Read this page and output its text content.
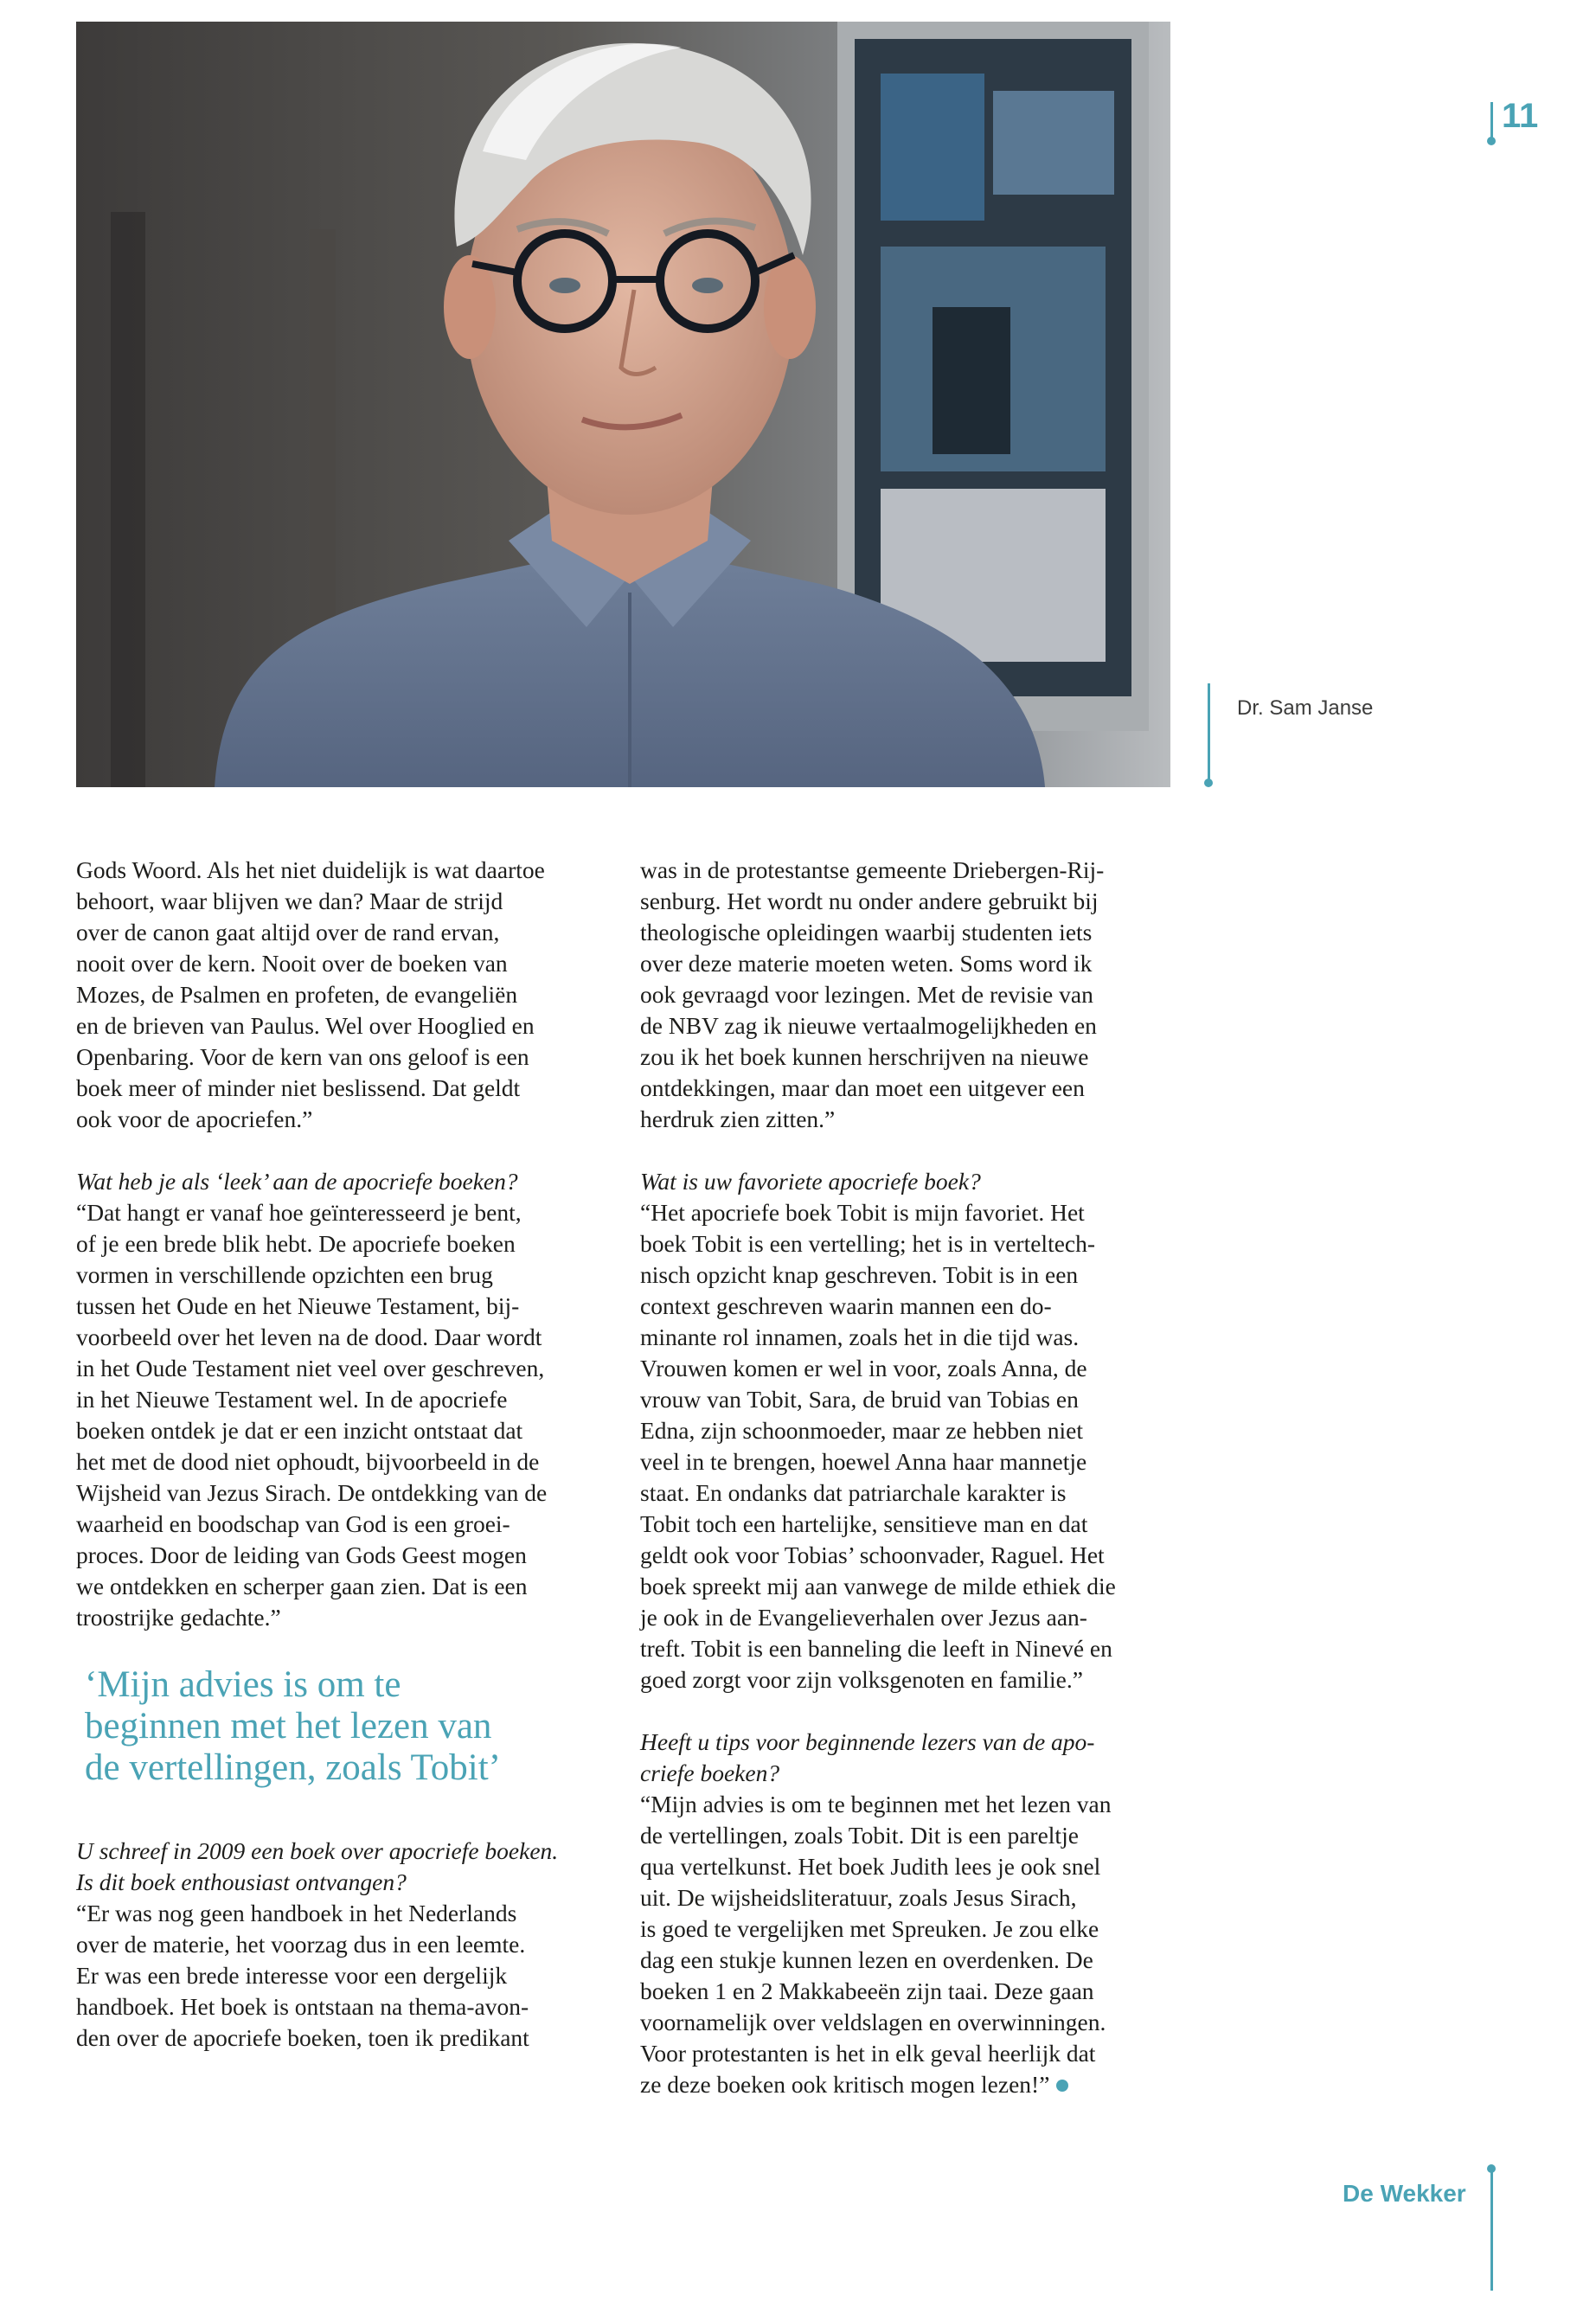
11
Dr. Sam Janse

Gods Woord. Als het niet duidelijk is wat daartoe
behoort, waar blijven we dan? Maar de strijd
over de canon gaat altijd over de rand ervan,
nooit over de kern. Nooit over de boeken van
Mozes, de Psalmen en profeten, de evangeliën
en de brieven van Paulus. Wel over Hooglied en
Openbaring. Voor de kern van ons geloof is een
boek meer of minder niet beslissend. Dat geldt
ook voor de apocriefen.”

Wat heb je als ‘leek’ aan de apocriefe boeken?
“Dat hangt er vanaf hoe geïnteresseerd je bent,
of je een brede blik hebt. De apocriefe boeken
vormen in verschillende opzichten een brug
tussen het Oude en het Nieuwe Testament, bij-
voorbeeld over het leven na de dood. Daar wordt
in het Oude Testament niet veel over geschreven,
in het Nieuwe Testament wel. In de apocriefe
boeken ontdek je dat er een inzicht ontstaat dat
het met de dood niet ophoudt, bijvoorbeeld in de
Wijsheid van Jezus Sirach. De ontdekking van de
waarheid en boodschap van God is een groei-
proces. Door de leiding van Gods Geest mogen
we ontdekken en scherper gaan zien. Dat is een
troostrijke gedachte.”

‘Mijn advies is om te
beginnen met het lezen van
de vertellingen, zoals Tobit’

U schreef in 2009 een boek over apocriefe boeken.
Is dit boek enthousiast ontvangen?
“Er was nog geen handboek in het Nederlands
over de materie, het voorzag dus in een leemte.
Er was een brede interesse voor een dergelijk
handboek. Het boek is ontstaan na thema-avon-
den over de apocriefe boeken, toen ik predikant

was in de protestantse gemeente Driebergen-Rij-
senburg. Het wordt nu onder andere gebruikt bij
theologische opleidingen waarbij studenten iets
over deze materie moeten weten. Soms word ik
ook gevraagd voor lezingen. Met de revisie van
de NBV zag ik nieuwe vertaalmogelijkheden en
zou ik het boek kunnen herschrijven na nieuwe
ontdekkingen, maar dan moet een uitgever een
herdruk zien zitten.”

Wat is uw favoriete apocriefe boek?
“Het apocriefe boek Tobit is mijn favoriet. Het
boek Tobit is een vertelling; het is in verteltech-
nisch opzicht knap geschreven. Tobit is in een
context geschreven waarin mannen een do-
minante rol innamen, zoals het in die tijd was.
Vrouwen komen er wel in voor, zoals Anna, de
vrouw van Tobit, Sara, de bruid van Tobias en
Edna, zijn schoonmoeder, maar ze hebben niet
veel in te brengen, hoewel Anna haar mannetje
staat. En ondanks dat patriarchale karakter is
Tobit toch een hartelijke, sensitieve man en dat
geldt ook voor Tobias’ schoonvader, Raguel. Het
boek spreekt mij aan vanwege de milde ethiek die
je ook in de Evangelieverhalen over Jezus aan-
treft. Tobit is een banneling die leeft in Ninevé en
goed zorgt voor zijn volksgenoten en familie.”

Heeft u tips voor beginnende lezers van de apo-
criefe boeken?
“Mijn advies is om te beginnen met het lezen van
de vertellingen, zoals Tobit. Dit is een pareltje
qua vertelkunst. Het boek Judith lees je ook snel
uit. De wijsheidsliteratuur, zoals Jesus Sirach,
is goed te vergelijken met Spreuken. Je zou elke
dag een stukje kunnen lezen en overdenken. De
boeken 1 en 2 Makkabeeën zijn taai. Deze gaan
voornamelijk over veldslagen en overwinningen.
Voor protestanten is het in elk geval heerlijk dat
ze deze boeken ook kritisch mogen lezen!”

De Wekker
